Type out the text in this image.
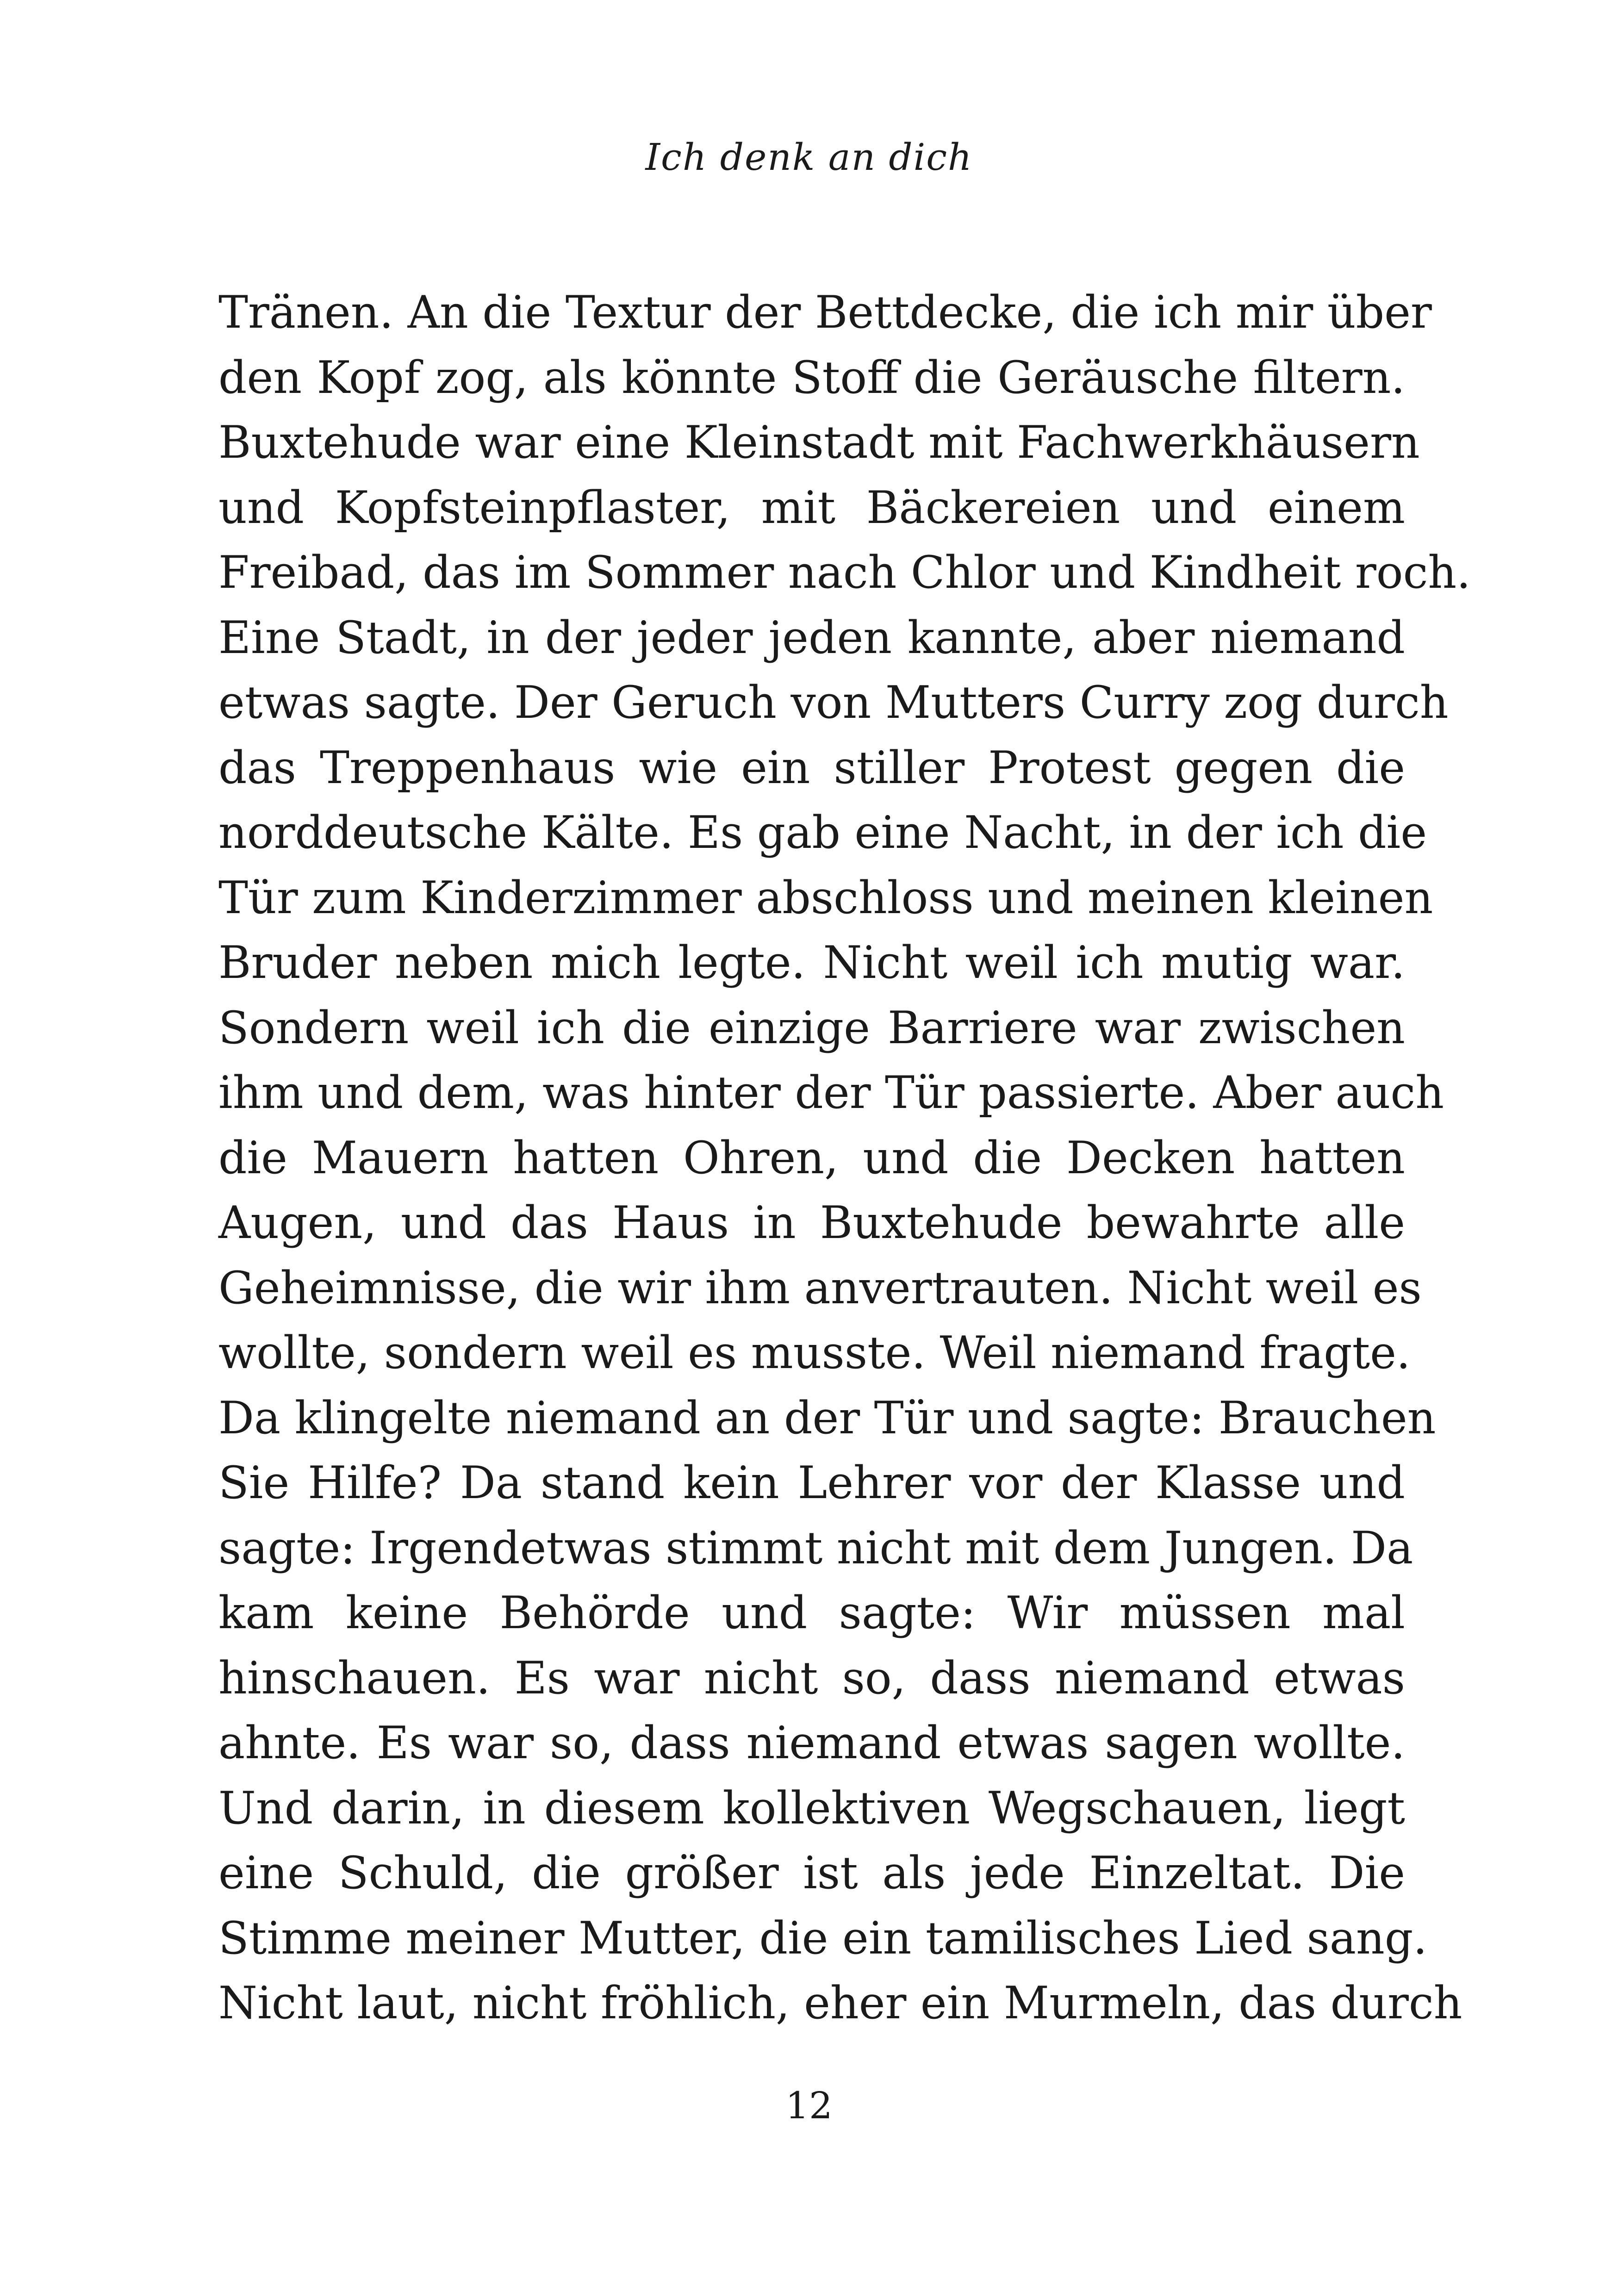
Ich denk an dich
Tränen. An die Textur der Bettdecke, die ich mir über
den Kopf zog, als könnte Stoff die Geräusche filtern.
Buxtehude war eine Kleinstadt mit Fachwerkhäusern
und Kopfsteinpflaster, mit Bäckereien und einem
Freibad, das im Sommer nach Chlor und Kindheit roch.
Eine Stadt, in der jeder jeden kannte, aber niemand
etwas sagte. Der Geruch von Mutters Curry zog durch
das Treppenhaus wie ein stiller Protest gegen die
norddeutsche Kälte. Es gab eine Nacht, in der ich die
Tür zum Kinderzimmer abschloss und meinen kleinen
Bruder neben mich legte. Nicht weil ich mutig war.
Sondern weil ich die einzige Barriere war zwischen
ihm und dem, was hinter der Tür passierte. Aber auch
die Mauern hatten Ohren, und die Decken hatten
Augen, und das Haus in Buxtehude bewahrte alle
Geheimnisse, die wir ihm anvertrauten. Nicht weil es
wollte, sondern weil es musste. Weil niemand fragte.
Da klingelte niemand an der Tür und sagte: Brauchen
Sie Hilfe? Da stand kein Lehrer vor der Klasse und
sagte: Irgendetwas stimmt nicht mit dem Jungen. Da
kam keine Behörde und sagte: Wir müssen mal
hinschauen. Es war nicht so, dass niemand etwas
ahnte. Es war so, dass niemand etwas sagen wollte.
Und darin, in diesem kollektiven Wegschauen, liegt
eine Schuld, die größer ist als jede Einzeltat. Die
Stimme meiner Mutter, die ein tamilisches Lied sang.
Nicht laut, nicht fröhlich, eher ein Murmeln, das durch
12
